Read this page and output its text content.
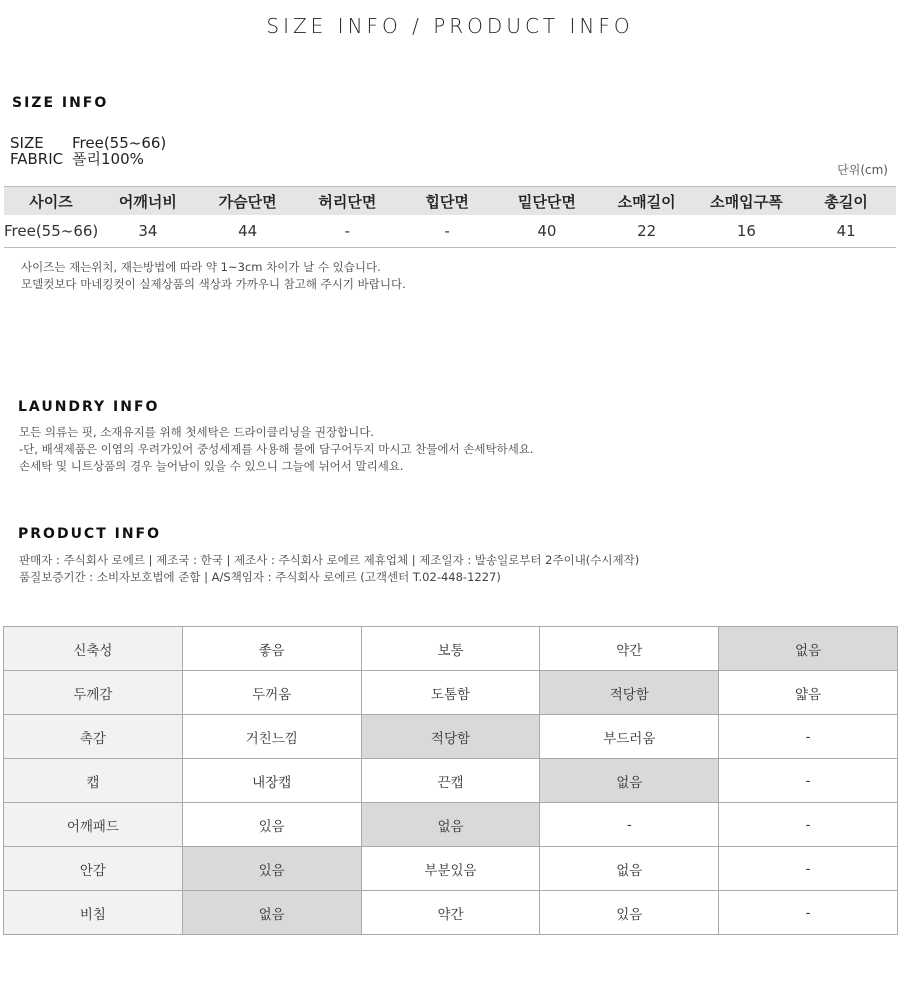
SIZE INFO / PRODUCT INFO
SIZE INFO
SIZE Free(55~66)
FABRIC 폴리100%
단위(cm)
사이즈	어깨너비	가슴단면	허리단면	힙단면	밑단단면	소매길이	소매입구폭	총길이
Free(55~66)	34	44	-	-	40	22	16	41
사이즈는 재는위치, 재는방법에 따라 약 1~3cm 차이가 날 수 있습니다.
모델컷보다 마네킹컷이 실제상품의 색상과 가까우니 참고해 주시기 바랍니다.
LAUNDRY INFO
모든 의류는 핏, 소재유지를 위해 첫세탁은 드라이클리닝을 권장합니다.
-단, 배색제품은 이염의 우려가있어 중성세제를 사용해 물에 담구어두지 마시고 찬물에서 손세탁하세요.
손세탁 및 니트상품의 경우 늘어남이 있을 수 있으니 그늘에 뉘어서 말리세요.
PRODUCT INFO
판매자 : 주식회사 로에르 | 제조국 : 한국 | 제조사 : 주식회사 로에르 제휴업체 | 제조일자 : 발송일로부터 2주이내(수시제작)
품질보증기간 : 소비자보호법에 준함 | A/S책임자 : 주식회사 로에르 (고객센터 T.02-448-1227)
신축성	좋음	보통	약간	없음
두께감	두꺼움	도톰함	적당함	얇음
촉감	거친느낌	적당함	부드러움	-
캡	내장캡	끈캡	없음	-
어깨패드	있음	없음	-	-
안감	있음	부분있음	없음	-
비침	없음	약간	있음	-
